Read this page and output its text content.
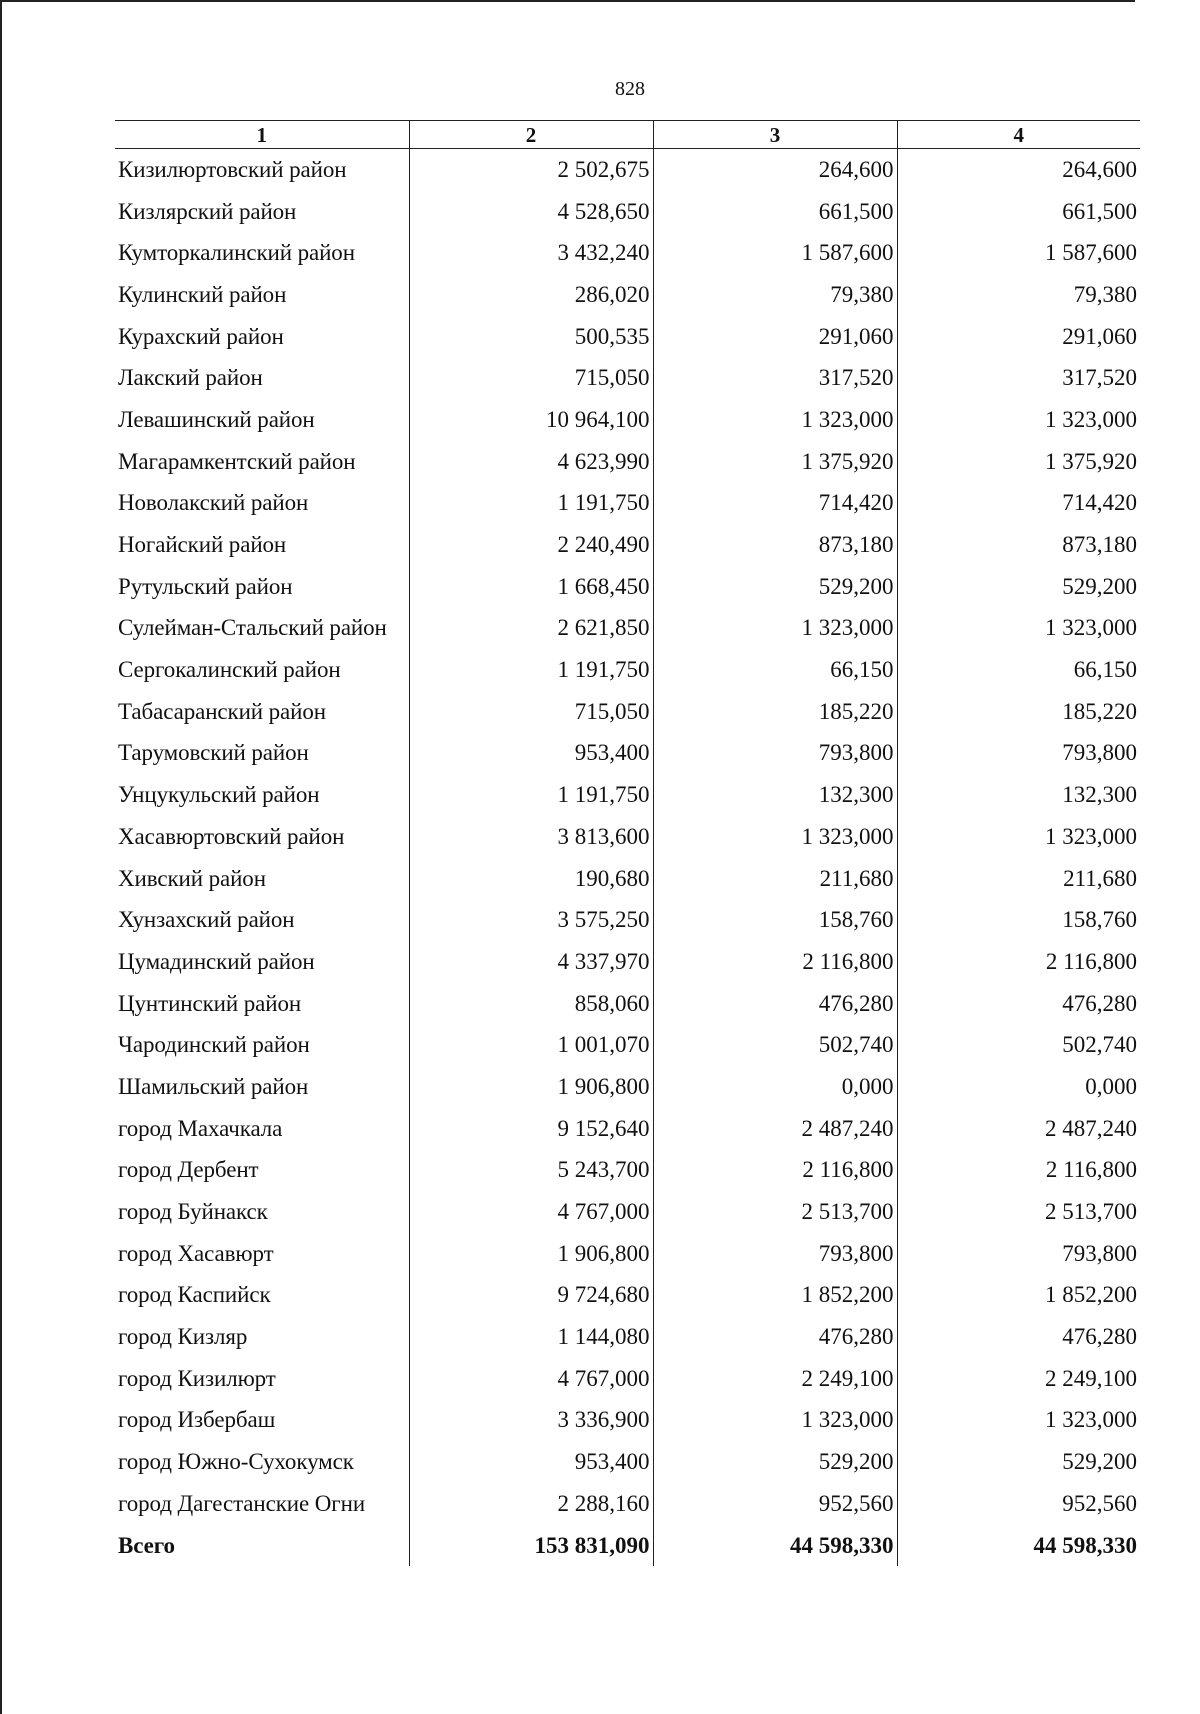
828
1	2	3	4
Кизилюртовский район	2 502,675	264,600	264,600
Кизлярский район	4 528,650	661,500	661,500
Кумторкалинский район	3 432,240	1 587,600	1 587,600
Кулинский район	286,020	79,380	79,380
Курахский район	500,535	291,060	291,060
Лакский район	715,050	317,520	317,520
Левашинский район	10 964,100	1 323,000	1 323,000
Магарамкентский район	4 623,990	1 375,920	1 375,920
Новолакский район	1 191,750	714,420	714,420
Ногайский район	2 240,490	873,180	873,180
Рутульский район	1 668,450	529,200	529,200
Сулейман-Стальский район	2 621,850	1 323,000	1 323,000
Сергокалинский район	1 191,750	66,150	66,150
Табасаранский район	715,050	185,220	185,220
Тарумовский район	953,400	793,800	793,800
Унцукульский район	1 191,750	132,300	132,300
Хасавюртовский район	3 813,600	1 323,000	1 323,000
Хивский район	190,680	211,680	211,680
Хунзахский район	3 575,250	158,760	158,760
Цумадинский район	4 337,970	2 116,800	2 116,800
Цунтинский район	858,060	476,280	476,280
Чародинский район	1 001,070	502,740	502,740
Шамильский район	1 906,800	0,000	0,000
город Махачкала	9 152,640	2 487,240	2 487,240
город Дербент	5 243,700	2 116,800	2 116,800
город Буйнакск	4 767,000	2 513,700	2 513,700
город Хасавюрт	1 906,800	793,800	793,800
город Каспийск	9 724,680	1 852,200	1 852,200
город Кизляр	1 144,080	476,280	476,280
город Кизилюрт	4 767,000	2 249,100	2 249,100
город Избербаш	3 336,900	1 323,000	1 323,000
город Южно-Сухокумск	953,400	529,200	529,200
город Дагестанские Огни	2 288,160	952,560	952,560
Всего	153 831,090	44 598,330	44 598,330
